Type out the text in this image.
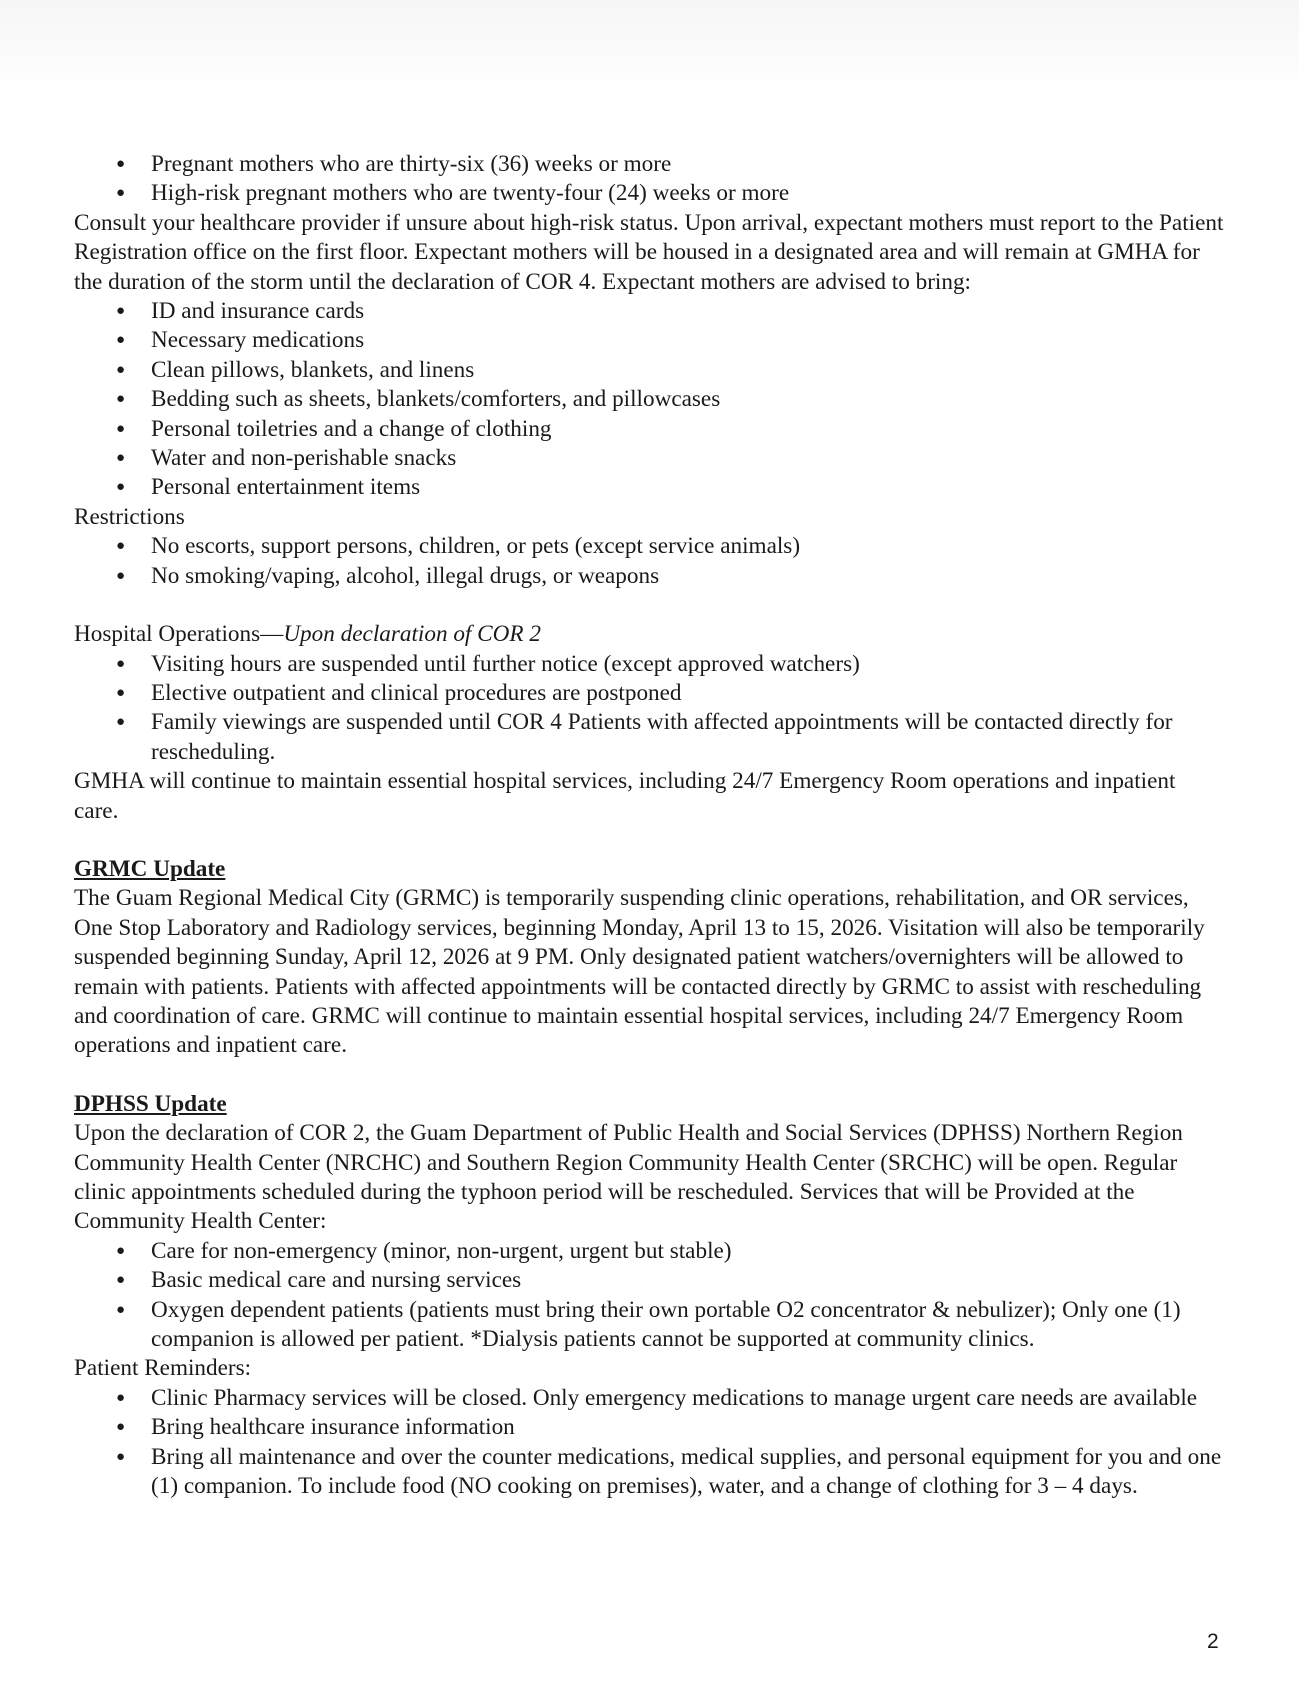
● Pregnant mothers who are thirty-six (36) weeks or more
● High-risk pregnant mothers who are twenty-four (24) weeks or more

Consult your healthcare provider if unsure about high-risk status. Upon arrival, expectant mothers must report to the Patient Registration office on the first floor. Expectant mothers will be housed in a designated area and will remain at GMHA for the duration of the storm until the declaration of COR 4. Expectant mothers are advised to bring:

● ID and insurance cards
● Necessary medications
● Clean pillows, blankets, and linens
● Bedding such as sheets, blankets/comforters, and pillowcases
● Personal toiletries and a change of clothing
● Water and non-perishable snacks
● Personal entertainment items

Restrictions

● No escorts, support persons, children, or pets (except service animals)
● No smoking/vaping, alcohol, illegal drugs, or weapons

Hospital Operations—Upon declaration of COR 2

● Visiting hours are suspended until further notice (except approved watchers)
● Elective outpatient and clinical procedures are postponed
● Family viewings are suspended until COR 4 Patients with affected appointments will be contacted directly for rescheduling.

GMHA will continue to maintain essential hospital services, including 24/7 Emergency Room operations and inpatient care.

GRMC Update

The Guam Regional Medical City (GRMC) is temporarily suspending clinic operations, rehabilitation, and OR services, One Stop Laboratory and Radiology services, beginning Monday, April 13 to 15, 2026. Visitation will also be temporarily suspended beginning Sunday, April 12, 2026 at 9 PM. Only designated patient watchers/overnighters will be allowed to remain with patients. Patients with affected appointments will be contacted directly by GRMC to assist with rescheduling and coordination of care. GRMC will continue to maintain essential hospital services, including 24/7 Emergency Room operations and inpatient care.

DPHSS Update

Upon the declaration of COR 2, the Guam Department of Public Health and Social Services (DPHSS) Northern Region Community Health Center (NRCHC) and Southern Region Community Health Center (SRCHC) will be open. Regular clinic appointments scheduled during the typhoon period will be rescheduled. Services that will be Provided at the Community Health Center:

● Care for non-emergency (minor, non-urgent, urgent but stable)
● Basic medical care and nursing services
● Oxygen dependent patients (patients must bring their own portable O2 concentrator & nebulizer); Only one (1) companion is allowed per patient. *Dialysis patients cannot be supported at community clinics.

Patient Reminders:

● Clinic Pharmacy services will be closed. Only emergency medications to manage urgent care needs are available
● Bring healthcare insurance information
● Bring all maintenance and over the counter medications, medical supplies, and personal equipment for you and one (1) companion. To include food (NO cooking on premises), water, and a change of clothing for 3 – 4 days.
2
